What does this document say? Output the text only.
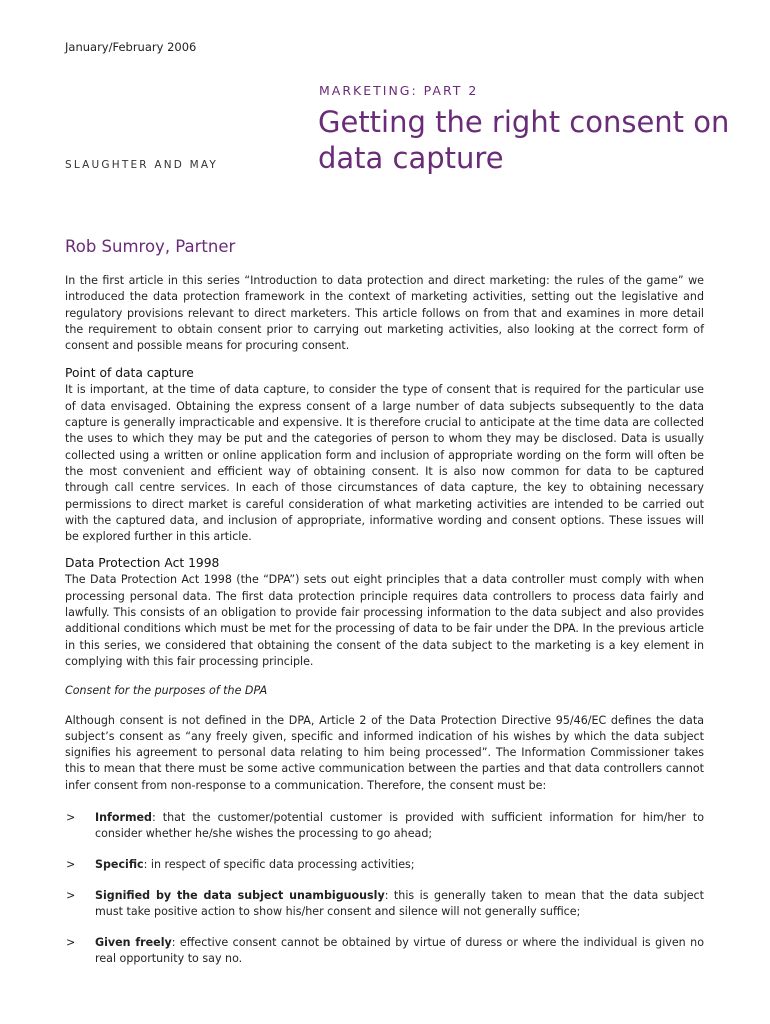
January/February 2006
SLAUGHTER AND MAY
MARKETING: PART 2
Getting the right consent on data capture
Rob Sumroy, Partner

In the first article in this series “Introduction to data protection and direct marketing: the rules of the game” we introduced the data protection framework in the context of marketing activities, setting out the legislative and regulatory provisions relevant to direct marketers. This article follows on from that and examines in more detail the requirement to obtain consent prior to carrying out marketing activities, also looking at the correct form of consent and possible means for procuring consent.

Point of data capture

It is important, at the time of data capture, to consider the type of consent that is required for the particular use of data envisaged. Obtaining the express consent of a large number of data subjects subsequently to the data capture is generally impracticable and expensive. It is therefore crucial to anticipate at the time data are collected the uses to which they may be put and the categories of person to whom they may be disclosed. Data is usually collected using a written or online application form and inclusion of appropriate wording on the form will often be the most convenient and efficient way of obtaining consent. It is also now common for data to be captured through call centre services. In each of those circumstances of data capture, the key to obtaining necessary permissions to direct market is careful consideration of what marketing activities are intended to be carried out with the captured data, and inclusion of appropriate, informative wording and consent options. These issues will be explored further in this article.

Data Protection Act 1998

The Data Protection Act 1998 (the “DPA”) sets out eight principles that a data controller must comply with when processing personal data. The first data protection principle requires data controllers to process data fairly and lawfully. This consists of an obligation to provide fair processing information to the data subject and also provides additional conditions which must be met for the processing of data to be fair under the DPA. In the previous article in this series, we considered that obtaining the consent of the data subject to the marketing is a key element in complying with this fair processing principle.

Consent for the purposes of the DPA

Although consent is not defined in the DPA, Article 2 of the Data Protection Directive 95/46/EC defines the data subject’s consent as “any freely given, specific and informed indication of his wishes by which the data subject signifies his agreement to personal data relating to him being processed”. The Information Commissioner takes this to mean that there must be some active communication between the parties and that data controllers cannot infer consent from non-response to a communication. Therefore, the consent must be:

> Informed: that the customer/potential customer is provided with sufficient information for him/her to consider whether he/she wishes the processing to go ahead;
> Specific: in respect of specific data processing activities;
> Signified by the data subject unambiguously: this is generally taken to mean that the data subject must take positive action to show his/her consent and silence will not generally suffice;
> Given freely: effective consent cannot be obtained by virtue of duress or where the individual is given no real opportunity to say no.
